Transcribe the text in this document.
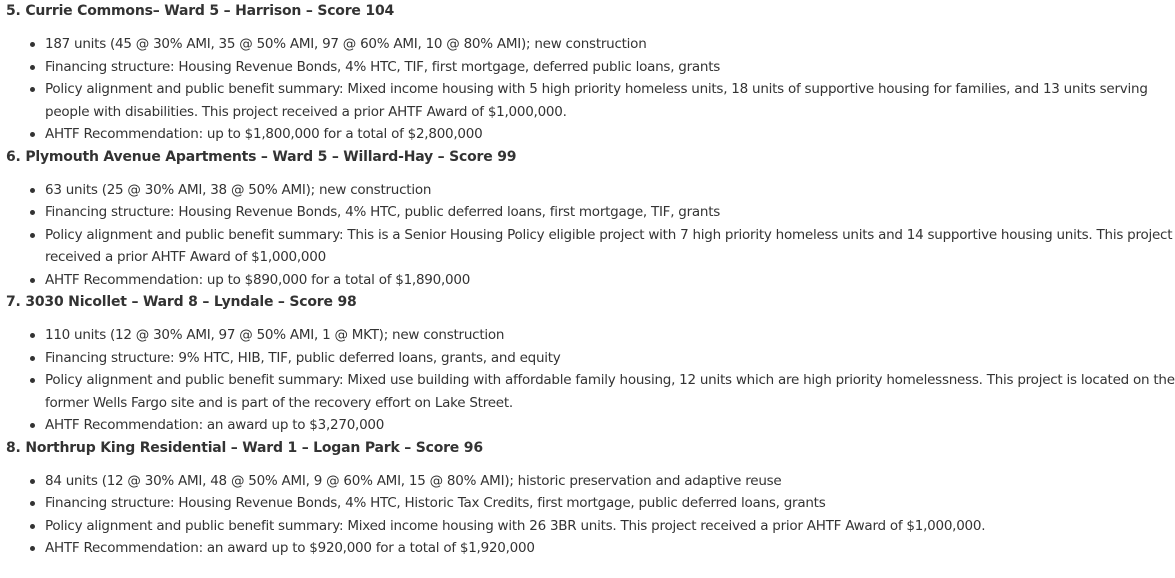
5. Currie Commons– Ward 5 – Harrison – Score 104

187 units (45 @ 30% AMI, 35 @ 50% AMI, 97 @ 60% AMI, 10 @ 80% AMI); new construction
Financing structure: Housing Revenue Bonds, 4% HTC, TIF, first mortgage, deferred public loans, grants
Policy alignment and public benefit summary: Mixed income housing with 5 high priority homeless units, 18 units of supportive housing for families, and 13 units serving people with disabilities. This project received a prior AHTF Award of $1,000,000.
AHTF Recommendation: up to $1,800,000 for a total of $2,800,000

6. Plymouth Avenue Apartments – Ward 5 – Willard-Hay – Score 99

63 units (25 @ 30% AMI, 38 @ 50% AMI); new construction
Financing structure: Housing Revenue Bonds, 4% HTC, public deferred loans, first mortgage, TIF, grants
Policy alignment and public benefit summary: This is a Senior Housing Policy eligible project with 7 high priority homeless units and 14 supportive housing units. This project received a prior AHTF Award of $1,000,000
AHTF Recommendation: up to $890,000 for a total of $1,890,000

7. 3030 Nicollet – Ward 8 – Lyndale – Score 98

110 units (12 @ 30% AMI, 97 @ 50% AMI, 1 @ MKT); new construction
Financing structure: 9% HTC, HIB, TIF, public deferred loans, grants, and equity
Policy alignment and public benefit summary: Mixed use building with affordable family housing, 12 units which are high priority homelessness. This project is located on the former Wells Fargo site and is part of the recovery effort on Lake Street.
AHTF Recommendation: an award up to $3,270,000

8. Northrup King Residential – Ward 1 – Logan Park – Score 96

84 units (12 @ 30% AMI, 48 @ 50% AMI, 9 @ 60% AMI, 15 @ 80% AMI); historic preservation and adaptive reuse
Financing structure: Housing Revenue Bonds, 4% HTC, Historic Tax Credits, first mortgage, public deferred loans, grants
Policy alignment and public benefit summary: Mixed income housing with 26 3BR units. This project received a prior AHTF Award of $1,000,000.
AHTF Recommendation: an award up to $920,000 for a total of $1,920,000
